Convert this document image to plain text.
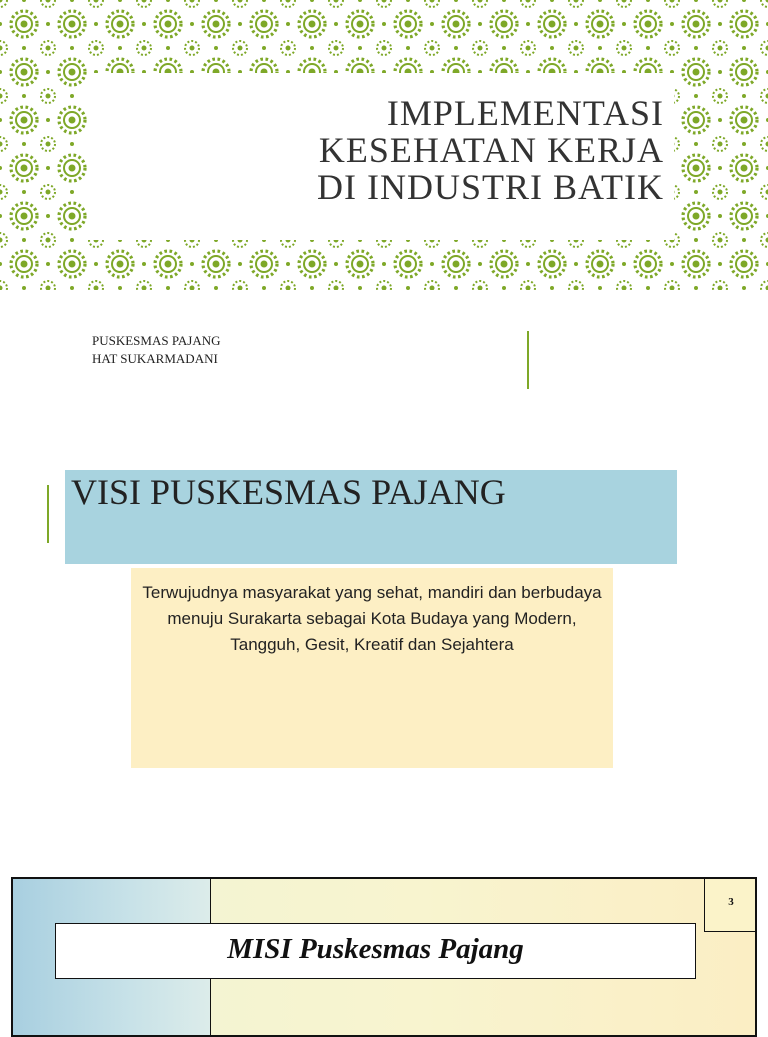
IMPLEMENTASI
KESEHATAN KERJA
DI INDUSTRI BATIK
PUSKESMAS PAJANG
HAT SUKARMADANI
VISI PUSKESMAS PAJANG
Terwujudnya masyarakat yang sehat, mandiri dan berbudaya menuju Surakarta sebagai Kota Budaya yang Modern, Tangguh, Gesit, Kreatif dan Sejahtera
3
MISI Puskesmas Pajang
